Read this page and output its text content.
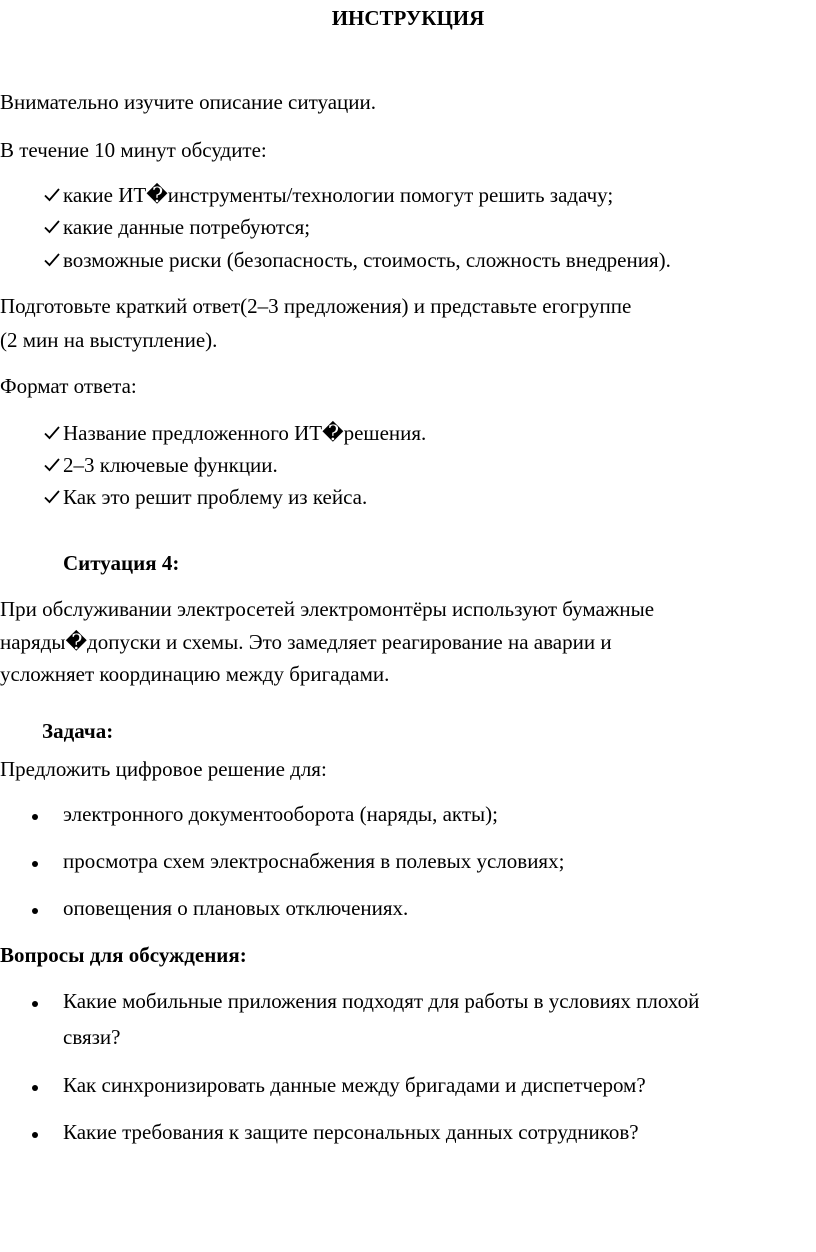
ИНСТРУКЦИЯ
Внимательно изучите описание ситуации.
В течение 10 минут обсудите:
какие ИТ�инструменты/технологии помогут решить задачу;
какие данные потребуются;
возможные риски (безопасность, стоимость, сложность внедрения).
Подготовьте краткий ответ(2–3 предложения) и представьте егогруппе
(2 мин на выступление).
Формат ответа:
Название предложенного ИТ�решения.
2–3 ключевые функции.
Как это решит проблему из кейса.
Ситуация 4:
При обслуживании электросетей электромонтёры используют бумажные
наряды�допуски и схемы. Это замедляет реагирование на аварии и
усложняет координацию между бригадами.
Задача:
Предложить цифровое решение для:
электронного документооборота (наряды, акты);
просмотра схем электроснабжения в полевых условиях;
оповещения о плановых отключениях.
Вопросы для обсуждения:
Какие мобильные приложения подходят для работы в условиях плохой
связи?
Как синхронизировать данные между бригадами и диспетчером?
Какие требования к защите персональных данных сотрудников?
